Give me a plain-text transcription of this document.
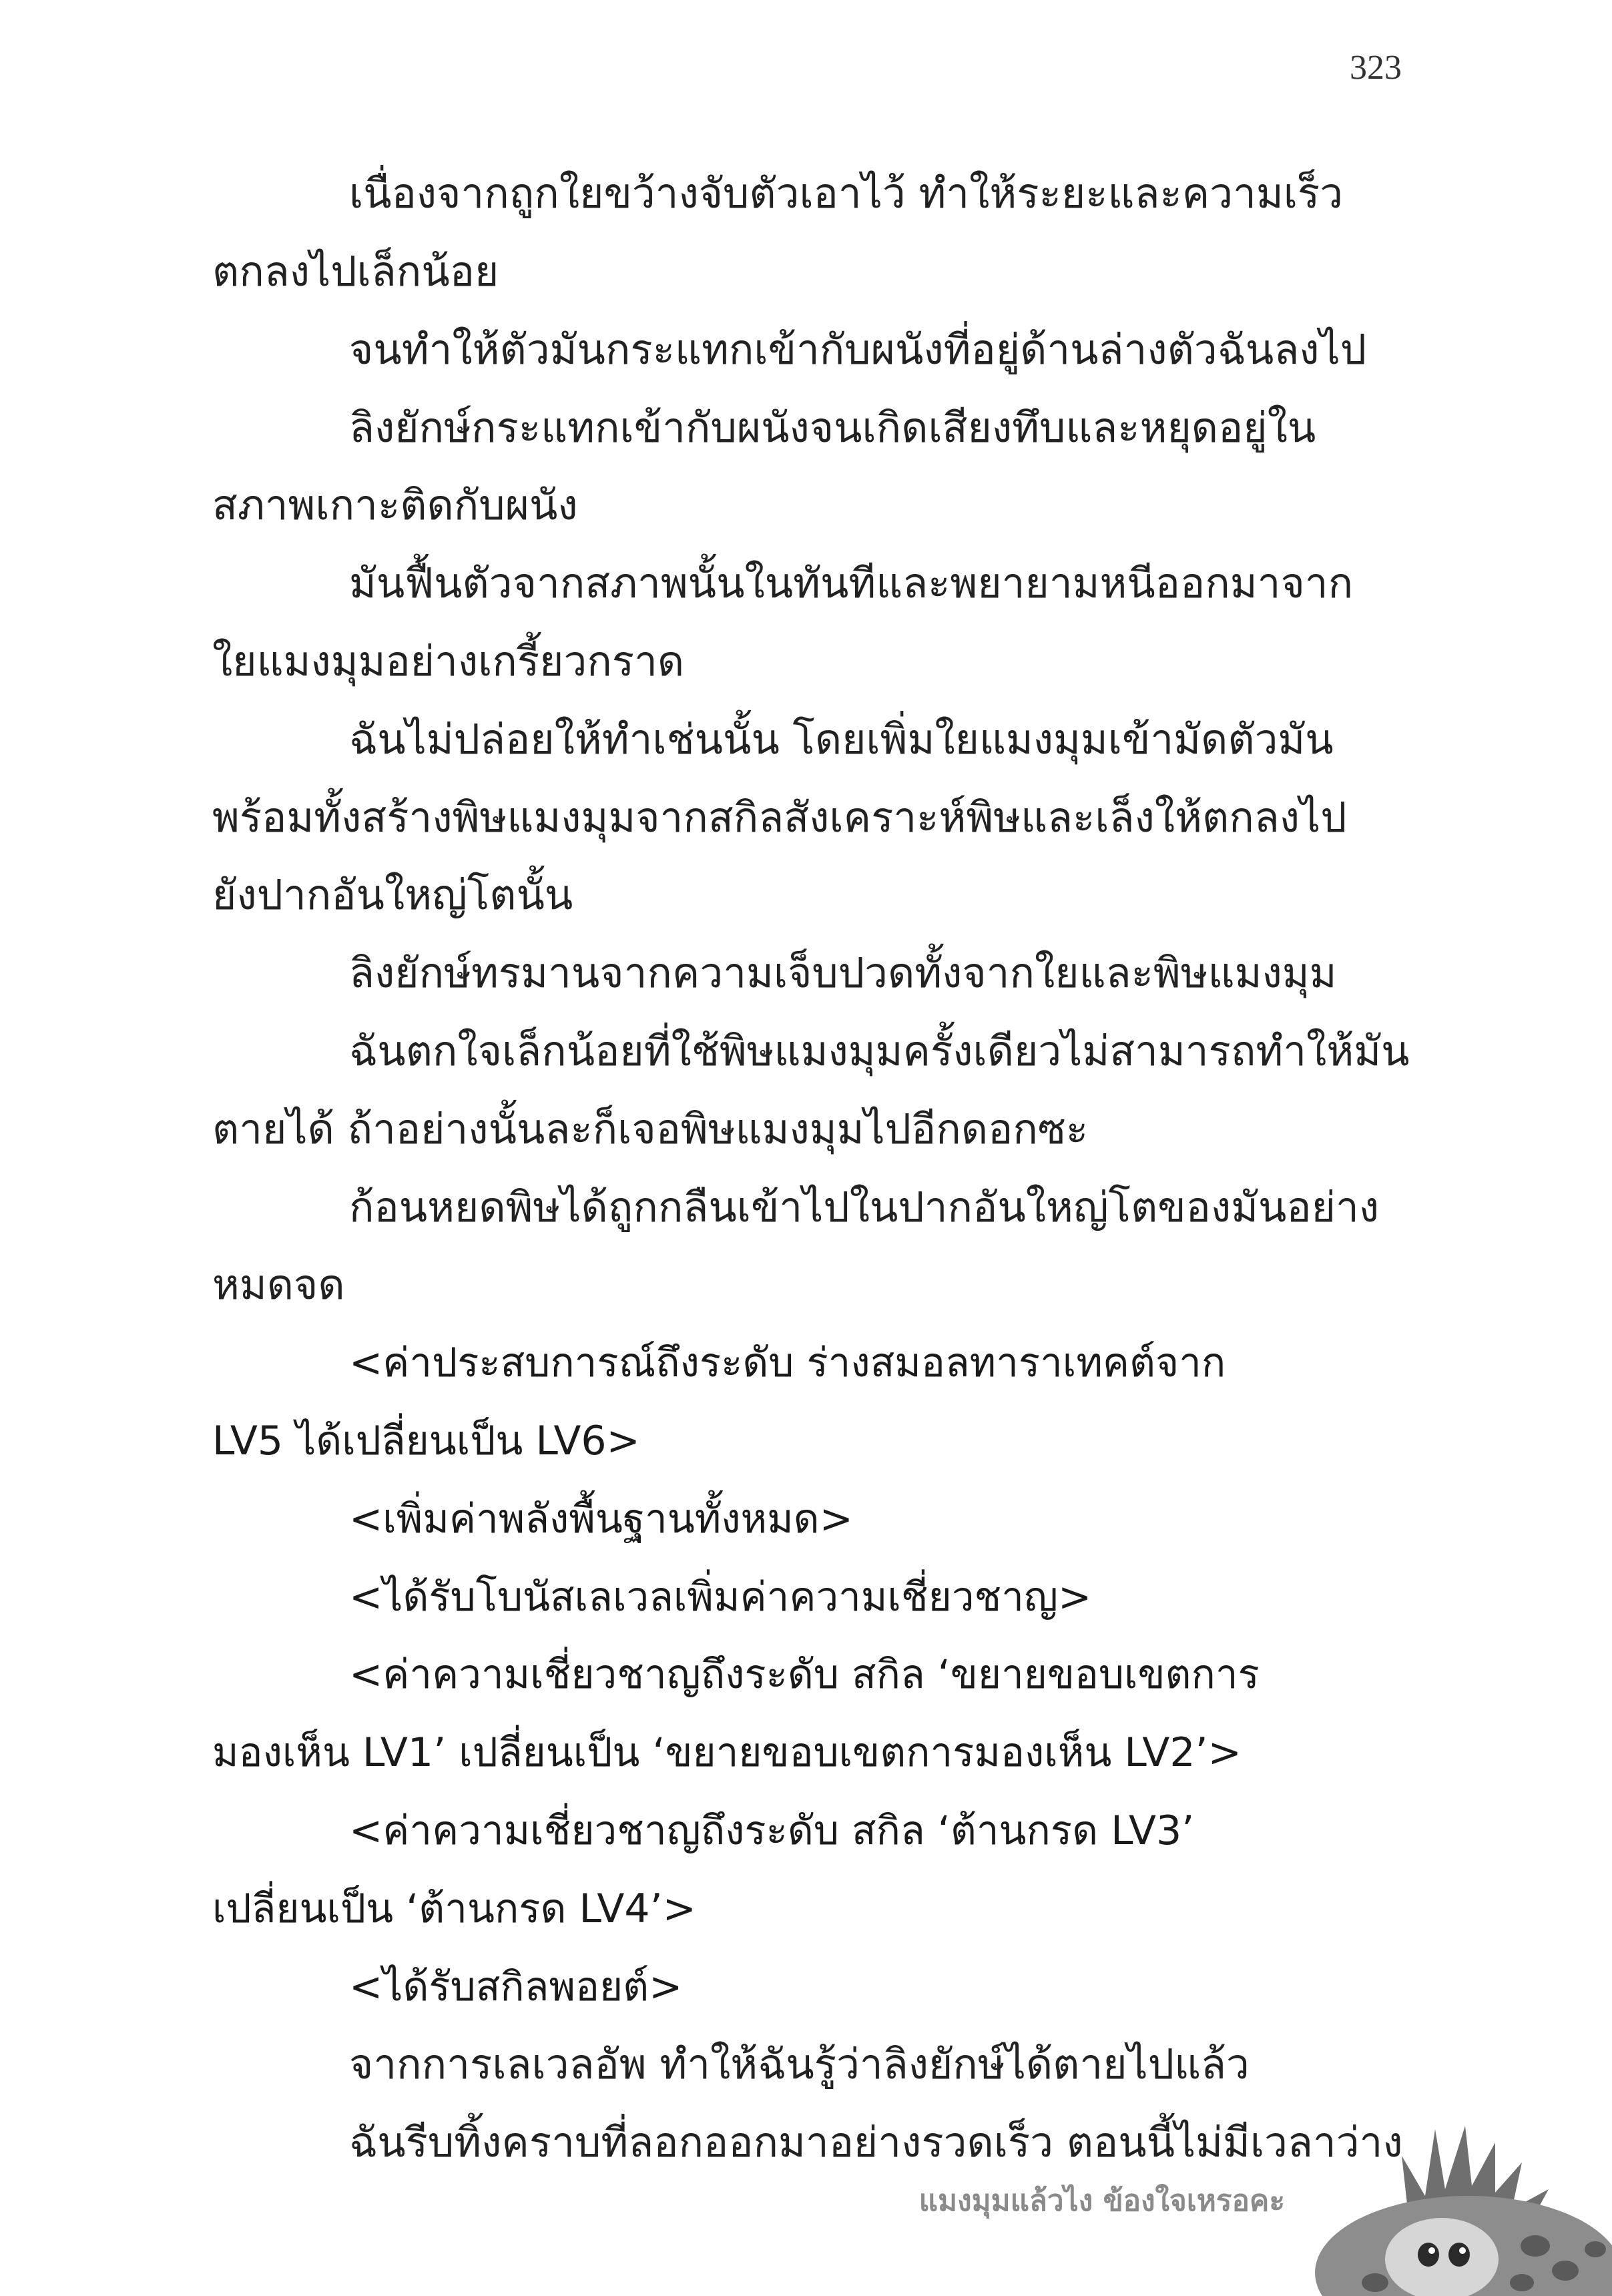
323
เนื่องจากถูกใยขว้างจับตัวเอาไว้ ทำให้ระยะและความเร็ว
ตกลงไปเล็กน้อย
จนทำให้ตัวมันกระแทกเข้ากับผนังที่อยู่ด้านล่างตัวฉันลงไป
ลิงยักษ์กระแทกเข้ากับผนังจนเกิดเสียงทึบและหยุดอยู่ใน
สภาพเกาะติดกับผนัง
มันฟื้นตัวจากสภาพนั้นในทันทีและพยายามหนีออกมาจาก
ใยแมงมุมอย่างเกรี้ยวกราด
ฉันไม่ปล่อยให้ทำเช่นนั้น โดยเพิ่มใยแมงมุมเข้ามัดตัวมัน
พร้อมทั้งสร้างพิษแมงมุมจากสกิลสังเคราะห์พิษและเล็งให้ตกลงไป
ยังปากอันใหญ่โตนั้น
ลิงยักษ์ทรมานจากความเจ็บปวดทั้งจากใยและพิษแมงมุม
ฉันตกใจเล็กน้อยที่ใช้พิษแมงมุมครั้งเดียวไม่สามารถทำให้มัน
ตายได้ ถ้าอย่างนั้นละก็เจอพิษแมงมุมไปอีกดอกซะ
ก้อนหยดพิษได้ถูกกลืนเข้าไปในปากอันใหญ่โตของมันอย่าง
หมดจด
<ค่าประสบการณ์ถึงระดับ ร่างสมอลทาราเทคต์จาก
LV5 ได้เปลี่ยนเป็น LV6>
<เพิ่มค่าพลังพื้นฐานทั้งหมด>
<ได้รับโบนัสเลเวลเพิ่มค่าความเชี่ยวชาญ>
<ค่าความเชี่ยวชาญถึงระดับ สกิล ‘ขยายขอบเขตการ
มองเห็น LV1’ เปลี่ยนเป็น ‘ขยายขอบเขตการมองเห็น LV2’>
<ค่าความเชี่ยวชาญถึงระดับ สกิล ‘ต้านกรด LV3’
เปลี่ยนเป็น ‘ต้านกรด LV4’>
<ได้รับสกิลพอยต์>
จากการเลเวลอัพ ทำให้ฉันรู้ว่าลิงยักษ์ได้ตายไปแล้ว
ฉันรีบทิ้งคราบที่ลอกออกมาอย่างรวดเร็ว ตอนนี้ไม่มีเวลาว่าง
แมงมุมแล้วไง ข้องใจเหรอคะ
